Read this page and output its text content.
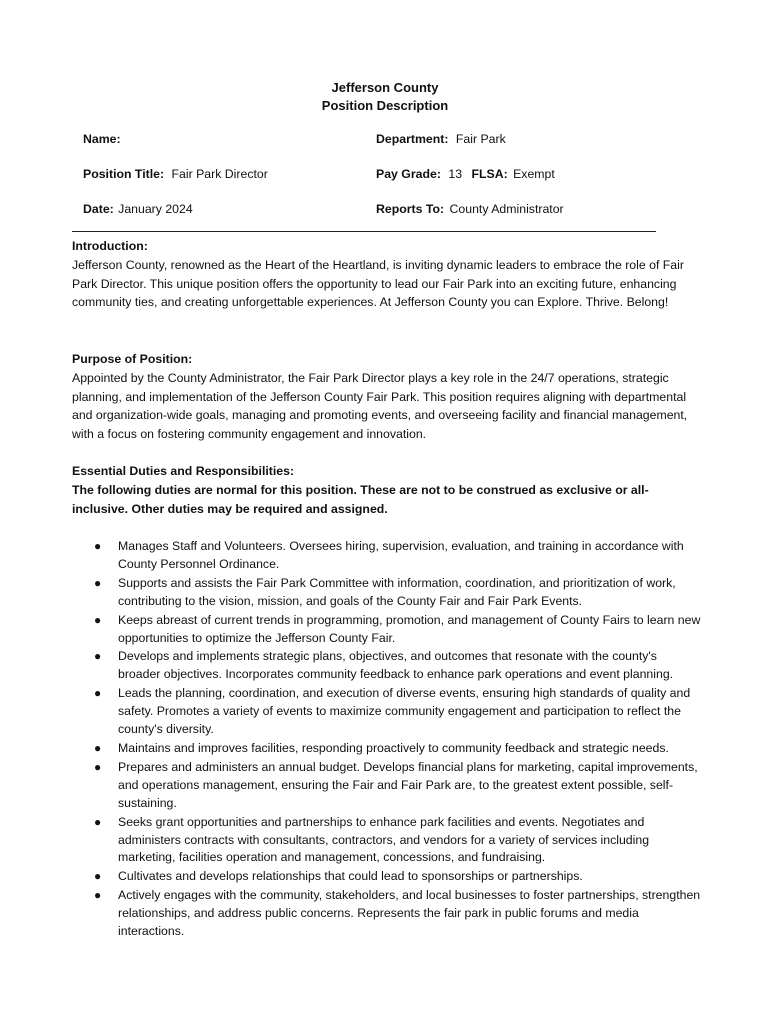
Jefferson County
Position Description
Name:	Department: Fair Park
Position Title: Fair Park Director	Pay Grade: 13 FLSA: Exempt
Date: January 2024	Reports To: County Administrator
Introduction:
Jefferson County, renowned as the Heart of the Heartland, is inviting dynamic leaders to embrace the role of Fair Park Director. This unique position offers the opportunity to lead our Fair Park into an exciting future, enhancing community ties, and creating unforgettable experiences. At Jefferson County you can Explore. Thrive. Belong!
Purpose of Position:
Appointed by the County Administrator, the Fair Park Director plays a key role in the 24/7 operations, strategic planning, and implementation of the Jefferson County Fair Park. This position requires aligning with departmental and organization-wide goals, managing and promoting events, and overseeing facility and financial management, with a focus on fostering community engagement and innovation.
Essential Duties and Responsibilities:
The following duties are normal for this position. These are not to be construed as exclusive or all-inclusive. Other duties may be required and assigned.
● Manages Staff and Volunteers. Oversees hiring, supervision, evaluation, and training in accordance with County Personnel Ordinance.
● Supports and assists the Fair Park Committee with information, coordination, and prioritization of work, contributing to the vision, mission, and goals of the County Fair and Fair Park Events.
● Keeps abreast of current trends in programming, promotion, and management of County Fairs to learn new opportunities to optimize the Jefferson County Fair.
● Develops and implements strategic plans, objectives, and outcomes that resonate with the county's broader objectives. Incorporates community feedback to enhance park operations and event planning.
● Leads the planning, coordination, and execution of diverse events, ensuring high standards of quality and safety. Promotes a variety of events to maximize community engagement and participation to reflect the county's diversity.
● Maintains and improves facilities, responding proactively to community feedback and strategic needs.
● Prepares and administers an annual budget. Develops financial plans for marketing, capital improvements, and operations management, ensuring the Fair and Fair Park are, to the greatest extent possible, self-sustaining.
● Seeks grant opportunities and partnerships to enhance park facilities and events. Negotiates and administers contracts with consultants, contractors, and vendors for a variety of services including marketing, facilities operation and management, concessions, and fundraising.
● Cultivates and develops relationships that could lead to sponsorships or partnerships.
● Actively engages with the community, stakeholders, and local businesses to foster partnerships, strengthen relationships, and address public concerns. Represents the fair park in public forums and media interactions.
